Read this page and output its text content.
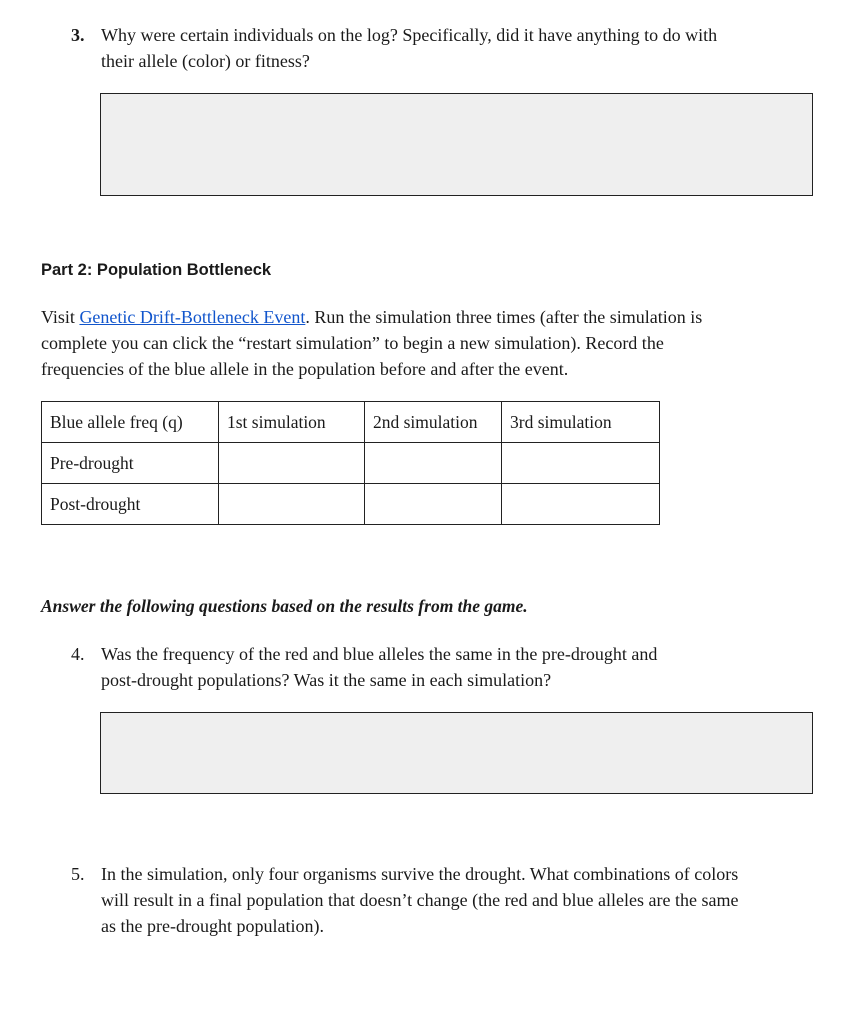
3. Why were certain individuals on the log? Specifically, did it have anything to do with
their allele (color) or fitness?
Part 2: Population Bottleneck
Visit Genetic Drift-Bottleneck Event. Run the simulation three times (after the simulation is
complete you can click the “restart simulation” to begin a new simulation). Record the
frequencies of the blue allele in the population before and after the event.
Blue allele freq (q)	1st simulation	2nd simulation	3rd simulation
Pre-drought			
Post-drought			
Answer the following questions based on the results from the game.
4. Was the frequency of the red and blue alleles the same in the pre-drought and
post-drought populations? Was it the same in each simulation?
5. In the simulation, only four organisms survive the drought. What combinations of colors
will result in a final population that doesn’t change (the red and blue alleles are the same
as the pre-drought population).
